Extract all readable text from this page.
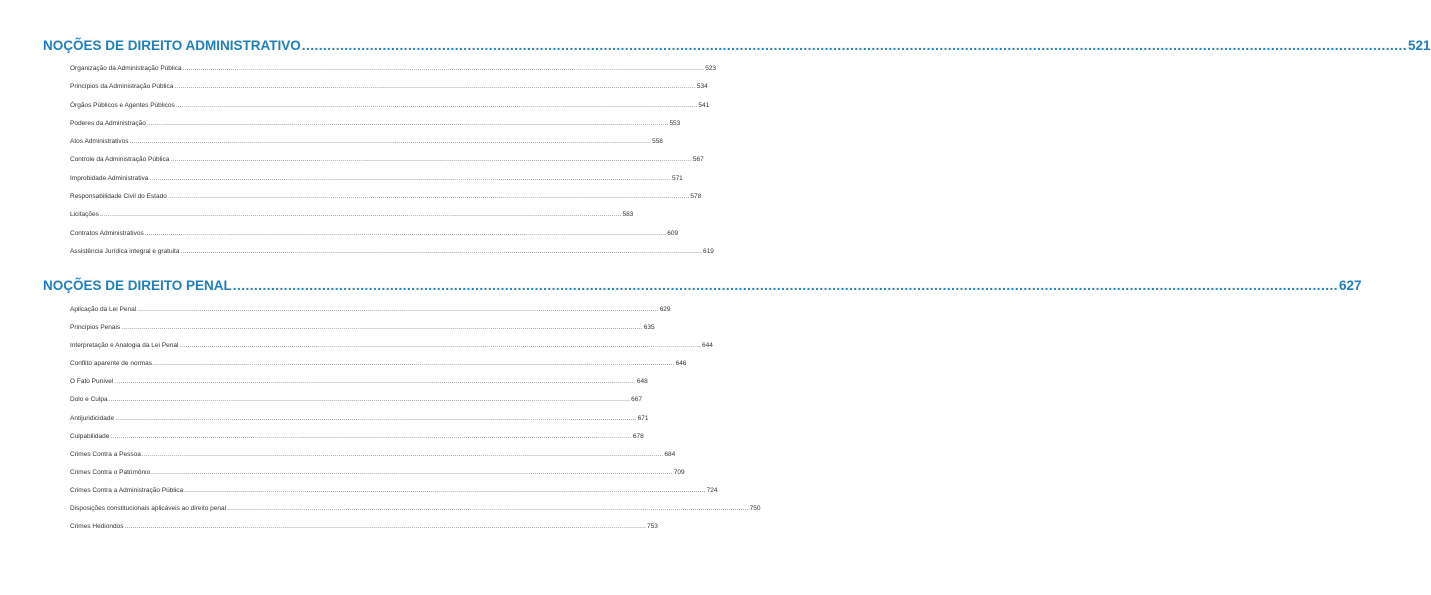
NOÇÕES DE DIREITO ADMINISTRATIVO .................................................................................................................................................................................................................................................................... 521
Organização da Administração Pública .................................................................................................................................................................................................................................................................... 523
Princípios da Administração Pública .................................................................................................................................................................................................................................................................... 534
Órgãos Públicos e Agentes Públicos .................................................................................................................................................................................................................................................................... 541
Poderes da Administração .................................................................................................................................................................................................................................................................... 553
Atos Administrativos .................................................................................................................................................................................................................................................................... 558
Controle da Administração Pública .................................................................................................................................................................................................................................................................... 567
Improbidade Administrativa .................................................................................................................................................................................................................................................................... 571
Responsabilidade Civil do Estado .................................................................................................................................................................................................................................................................... 578
Licitações .................................................................................................................................................................................................................................................................... 583
Contratos Administrativos .................................................................................................................................................................................................................................................................... 609
Assistência Jurídica integral e gratuita .................................................................................................................................................................................................................................................................... 619
NOÇÕES DE DIREITO PENAL .................................................................................................................................................................................................................................................................... 627
Aplicação da Lei Penal .................................................................................................................................................................................................................................................................... 629
Princípios Penais .................................................................................................................................................................................................................................................................... 635
Interpretação e Analogia da Lei Penal .................................................................................................................................................................................................................................................................... 644
Conflito aparente de normas .................................................................................................................................................................................................................................................................... 646
O Fato Punível .................................................................................................................................................................................................................................................................... 648
Dolo e Culpa .................................................................................................................................................................................................................................................................... 667
Antijuridicidade .................................................................................................................................................................................................................................................................... 671
Culpabilidade .................................................................................................................................................................................................................................................................... 678
Crimes Contra a Pessoa .................................................................................................................................................................................................................................................................... 684
Crimes Contra o Patrimônio .................................................................................................................................................................................................................................................................... 709
Crimes Contra a Administração Pública .................................................................................................................................................................................................................................................................... 724
Disposições constitucionais aplicáveis ao direito penal .................................................................................................................................................................................................................................................................... 750
Crimes Hediondos .................................................................................................................................................................................................................................................................... 753
